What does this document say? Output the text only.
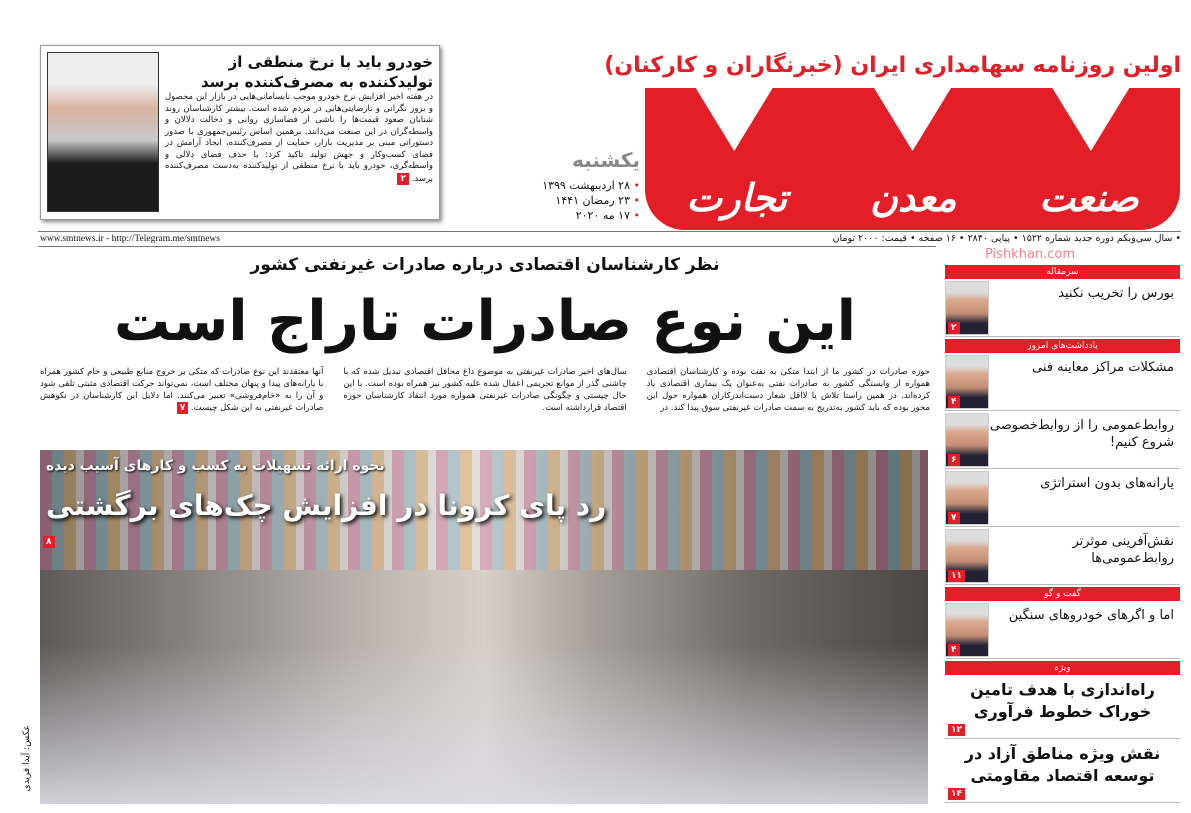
اولین روزنامه سهامداری ایران (خبرنگاران و کارکنان)
صنعت
معدن
تجارت
Pishkhan.com
یکشنبه
• ۲۸ اردیبهشت ۱۳۹۹
• ۲۳ رمضان ۱۴۴۱
• ۱۷ مه ۲۰۲۰
خودرو باید با نرخ منطقی از تولیدکننده به مصرف‌کننده برسد

در هفته اخیر افزایش نرخ خودرو موجب نابسامانی‌هایی در بازار این محصول و بروز نگرانی و نارضایتی‌هایی در مردم شده است. بیشتر کارشناسان روند شتابان صعود قیمت‌ها را ناشی از فضاسازی روانی و دخالت دلالان و واسطه‌گران در این صنعت می‌دانند. برهمین اساس رئیس‌جمهوری با صدور دستوراتی مبنی بر مدیریت بازار، حمایت از مصرف‌کننده، ایجاد آرامش در فضای کسب‌وکار و جهش تولید تاکید کرد: با حذف فضای دلالی و واسطه‌گری، خودرو باید با نرخ منطقی از تولیدکننده به‌دست مصرف‌کننده برسد. ۲

• سال سی‌ویکم دوره جدید شماره ۱۵۲۲ • پیاپی ۲۸۴۰ • ۱۶ صفحه • قیمت: ۲۰۰۰ تومان
www.smtnews.ir - http://Telegram.me/smtnews
نظر کارشناسان اقتصادی درباره صادرات غیرنفتی کشور
این نوع صادرات تاراج است

حوزه صادرات در کشور ما از ابتدا متکی به نفت بوده و کارشناسان اقتصادی همواره از وابستگی کشور به صادرات نفتی به‌عنوان یک بیماری اقتصادی یاد کرده‌اند. در همین راستا تلاش یا لااقل شعار دست‌اندرکاران همواره حول این محور بوده که باید کشور به‌تدریج به سمت صادرات غیرنفتی سوق پیدا کند. در

سال‌های اخیر صادرات غیرنفتی به موضوع داغ محافل اقتصادی تبدیل شده که با چاشنی گذر از موانع تحریمی اعمال شده علیه کشور نیز همراه بوده است. با این حال چیستی و چگونگی صادرات غیرنفتی همواره مورد انتقاد کارشناسان حوزه اقتصاد قرارداشته است.

آنها معتقدند این نوع صادرات که متکی بر خروج منابع طبیعی و خام کشور همراه با یارانه‌های پیدا و پنهان مختلف است، نمی‌تواند حرکت اقتصادی مثبتی تلقی شود و آن را به «خام‌فروشی» تعبیر می‌کنند. اما دلایل این کارشناسان در نکوهش صادرات غیرنفتی به این شکل چیست. ۷

نحوه ارائه تسهیلات به کسب و کارهای آسیب دیده
رد پای کرونا در افزایش چک‌های برگشتی
۸
عکس: آیدا فریدی
سرمقاله
بورس را تخریب نکنید
۲
یادداشت‌های امروز
مشکلات مراکز معاینه فنی
۴
روابط‌عمومی را از روابط‌خصوصی شروع کنیم!
۶
یارانه‌های بدون استراتژی
۷
نقش‌آفرینی موثرتر روابط‌عمومی‌ها
۱۱
گفت و گو
اما و اگرهای خودروهای سنگین
۴
ویژه
راه‌اندازی با هدف تامین خوراک خطوط فرآوری
۱۲
نقش ویژه مناطق آزاد در توسعه اقتصاد مقاومتی
۱۴
